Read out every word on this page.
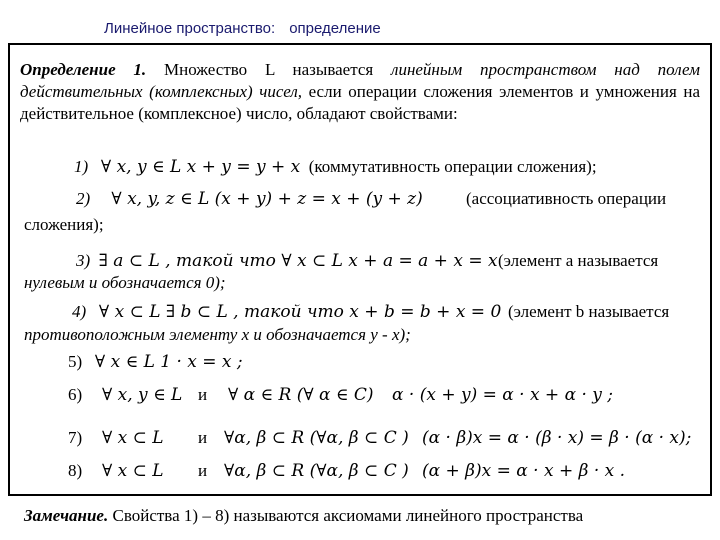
Линейное пространство: определение
Определение 1. Множество L называется линейным пространством над полем действительных (комплексных) чисел, если операции сложения элементов и умножения на действительное (комплексное) число, обладают свойствами:
1) ∀ x, y ∈ L x + y = y + x (коммутативность операции сложения);
2) ∀ x, y, z ∈ L (x + y) + z = x + (y + z)	(ассоциативность операции
сложения);
3) ∃ a ⊂ L , такой что ∀ x ⊂ L x + a = a + x = x (элемент a называется
нулевым и обозначается 0);
4) ∀ x ⊂ L ∃ b ⊂ L , такой что x + b = b + x = 0 (элемент b называется
противоположным элементу x и обозначается y - x);
5) ∀ x ∈ L 1 · x = x ;
6) ∀ x, y ∈ L и ∀ α ∈ R (∀ α ∈ C) α · (x + y) = α · x + α · y ;
7) ∀ x ⊂ L и ∀α, β ⊂ R (∀α, β ⊂ C ) (α · β)x = α · (β · x) = β · (α · x);
8) ∀ x ⊂ L и ∀α, β ⊂ R (∀α, β ⊂ C ) (α + β)x = α · x + β · x .
Замечание. Свойства 1) – 8) называются аксиомами линейного пространства
